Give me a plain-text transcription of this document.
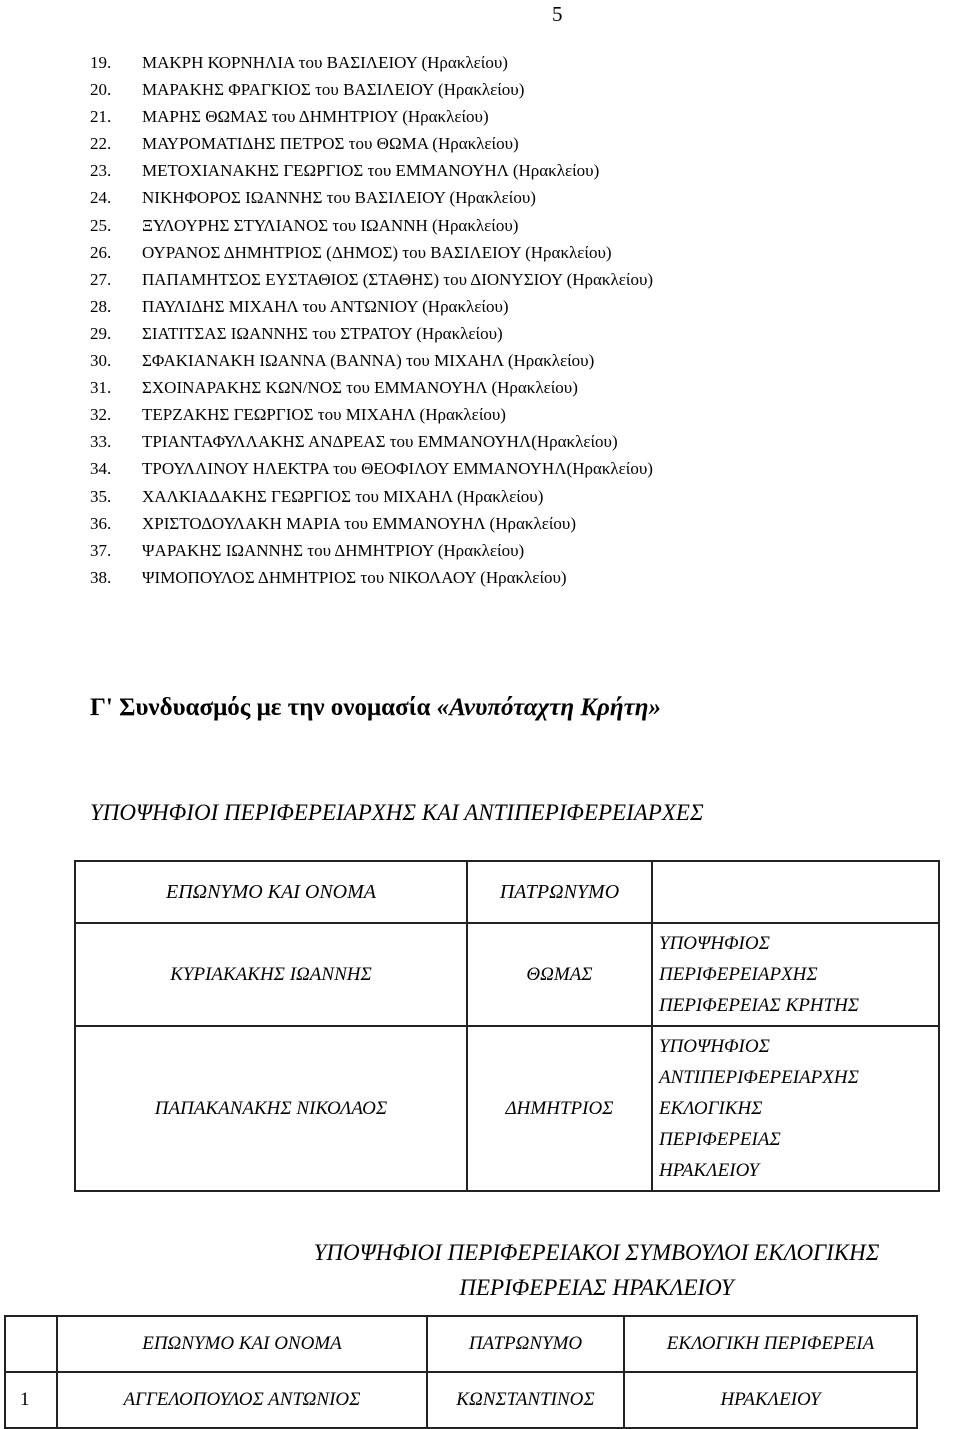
5
19. ΜΑΚΡΗ ΚΟΡΝΗΛΙΑ του ΒΑΣΙΛΕΙΟΥ (Ηρακλείου)
20. ΜΑΡΑΚΗΣ ΦΡΑΓΚΙΟΣ του ΒΑΣΙΛΕΙΟΥ (Ηρακλείου)
21. ΜΑΡΗΣ ΘΩΜΑΣ του ΔΗΜΗΤΡΙΟΥ (Ηρακλείου)
22. ΜΑΥΡΟΜΑΤΙΔΗΣ ΠΕΤΡΟΣ του ΘΩΜΑ (Ηρακλείου)
23. ΜΕΤΟΧΙΑΝΑΚΗΣ ΓΕΩΡΓΙΟΣ του ΕΜΜΑΝΟΥΗΛ (Ηρακλείου)
24. ΝΙΚΗΦΟΡΟΣ ΙΩΑΝΝΗΣ του ΒΑΣΙΛΕΙΟΥ (Ηρακλείου)
25. ΞΥΛΟΥΡΗΣ ΣΤΥΛΙΑΝΟΣ του ΙΩΑΝΝΗ (Ηρακλείου)
26. ΟΥΡΑΝΟΣ ΔΗΜΗΤΡΙΟΣ (ΔΗΜΟΣ) του ΒΑΣΙΛΕΙΟΥ (Ηρακλείου)
27. ΠΑΠΑΜΗΤΣΟΣ ΕΥΣΤΑΘΙΟΣ (ΣΤΑΘΗΣ) του ΔΙΟΝΥΣΙΟΥ (Ηρακλείου)
28. ΠΑΥΛΙΔΗΣ ΜΙΧΑΗΛ του ΑΝΤΩΝΙΟΥ (Ηρακλείου)
29. ΣΙΑΤΙΤΣΑΣ ΙΩΑΝΝΗΣ του ΣΤΡΑΤΟΥ (Ηρακλείου)
30. ΣΦΑΚΙΑΝΑΚΗ ΙΩΑΝΝΑ (ΒΑΝΝΑ) του ΜΙΧΑΗΛ (Ηρακλείου)
31. ΣΧΟΙΝΑΡΑΚΗΣ ΚΩΝ/ΝΟΣ του ΕΜΜΑΝΟΥΗΛ (Ηρακλείου)
32. ΤΕΡΖΑΚΗΣ ΓΕΩΡΓΙΟΣ του ΜΙΧΑΗΛ (Ηρακλείου)
33. ΤΡΙΑΝΤΑΦΥΛΛΑΚΗΣ ΑΝΔΡΕΑΣ του ΕΜΜΑΝΟΥΗΛ(Ηρακλείου)
34. ΤΡΟΥΛΛΙΝΟΥ ΗΛΕΚΤΡΑ του ΘΕΟΦΙΛΟΥ ΕΜΜΑΝΟΥΗΛ(Ηρακλείου)
35. ΧΑΛΚΙΑΔΑΚΗΣ ΓΕΩΡΓΙΟΣ του ΜΙΧΑΗΛ (Ηρακλείου)
36. ΧΡΙΣΤΟΔΟΥΛΑΚΗ ΜΑΡΙΑ του ΕΜΜΑΝΟΥΗΛ (Ηρακλείου)
37. ΨΑΡΑΚΗΣ ΙΩΑΝΝΗΣ του ΔΗΜΗΤΡΙΟΥ (Ηρακλείου)
38. ΨΙΜΟΠΟΥΛΟΣ ΔΗΜΗΤΡΙΟΣ του ΝΙΚΟΛΑΟΥ (Ηρακλείου)
Γ' Συνδυασμός με την ονομασία «Ανυπόταχτη Κρήτη»
ΥΠΟΨΗΦΙΟΙ ΠΕΡΙΦΕΡΕΙΑΡΧΗΣ ΚΑΙ ΑΝΤΙΠΕΡΙΦΕΡΕΙΑΡΧΕΣ
ΕΠΩΝΥΜΟ ΚΑΙ ΟΝΟΜΑ	ΠΑΤΡΩΝΥΜΟ	
ΚΥΡΙΑΚΑΚΗΣ ΙΩΑΝΝΗΣ	ΘΩΜΑΣ	ΥΠΟΨΗΦΙΟΣ
ΠΕΡΙΦΕΡΕΙΑΡΧΗΣ
ΠΕΡΙΦΕΡΕΙΑΣ ΚΡΗΤΗΣ

ΠΑΠΑΚΑΝΑΚΗΣ ΝΙΚΟΛΑΟΣ	ΔΗΜΗΤΡΙΟΣ	ΥΠΟΨΗΦΙΟΣ
ΑΝΤΙΠΕΡΙΦΕΡΕΙΑΡΧΗΣ
ΕΚΛΟΓΙΚΗΣ
ΠΕΡΙΦΕΡΕΙΑΣ
ΗΡΑΚΛΕΙΟΥ
ΥΠΟΨΗΦΙΟΙ ΠΕΡΙΦΕΡΕΙΑΚΟΙ ΣΥΜΒΟΥΛΟΙ ΕΚΛΟΓΙΚΗΣ
ΠΕΡΙΦΕΡΕΙΑΣ ΗΡΑΚΛΕΙΟΥ
	ΕΠΩΝΥΜΟ ΚΑΙ ΟΝΟΜΑ	ΠΑΤΡΩΝΥΜΟ	ΕΚΛΟΓΙΚΗ ΠΕΡΙΦΕΡΕΙΑ
1	ΑΓΓΕΛΟΠΟΥΛΟΣ ΑΝΤΩΝΙΟΣ	ΚΩΝΣΤΑΝΤΙΝΟΣ	ΗΡΑΚΛΕΙΟΥ
